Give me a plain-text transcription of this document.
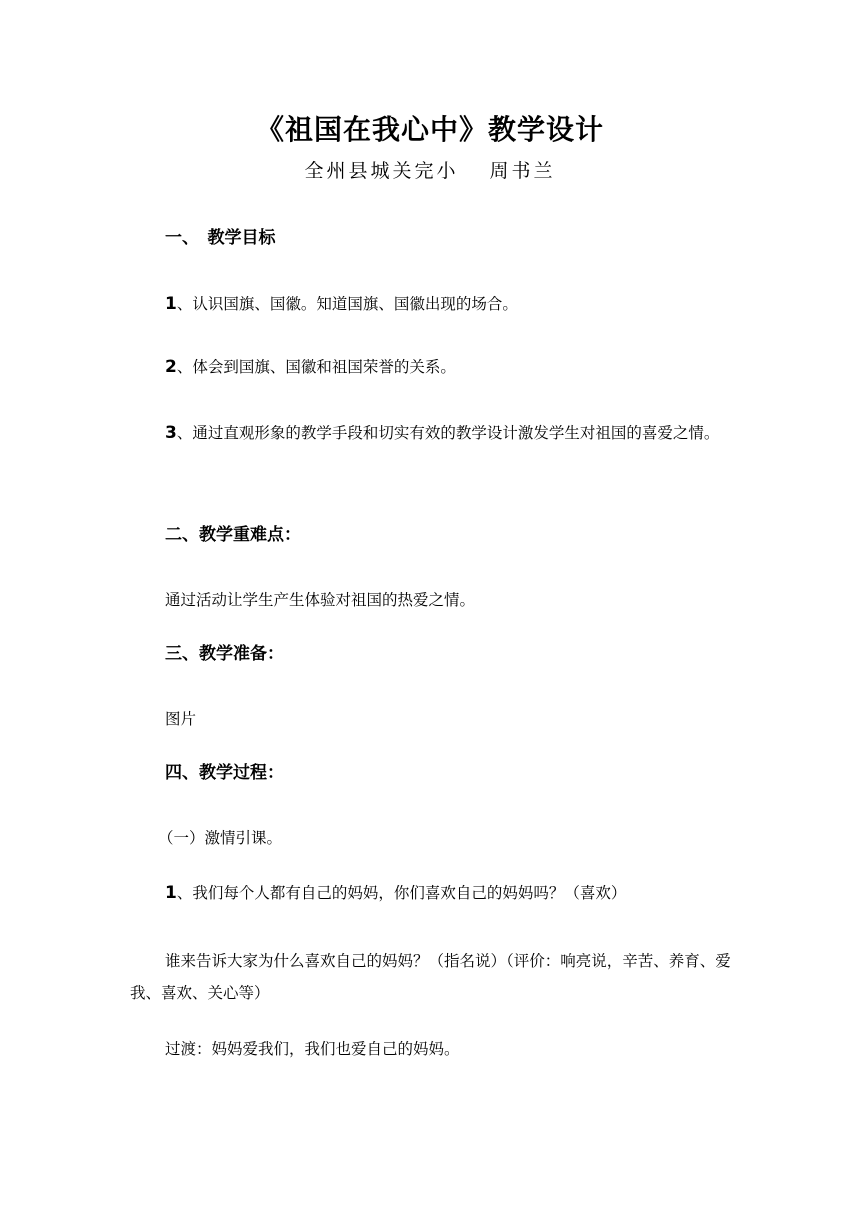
《祖国在我心中》教学设计
全州县城关完小　 周书兰
一、　教学目标
1、认识国旗、国徽。知道国旗、国徽出现的场合。
2、体会到国旗、国徽和祖国荣誉的关系。
3、通过直观形象的教学手段和切实有效的教学设计激发学生对祖国的喜爱之情。
二、教学重难点：
通过活动让学生产生体验对祖国的热爱之情。
三、教学准备：
图片
四、教学过程：
（一）激情引课。
1、我们每个人都有自己的妈妈，你们喜欢自己的妈妈吗？（喜欢）
谁来告诉大家为什么喜欢自己的妈妈？（指名说）（评价：响亮说，辛苦、养育、爱我、喜欢、关心等）
过渡：妈妈爱我们，我们也爱自己的妈妈。
